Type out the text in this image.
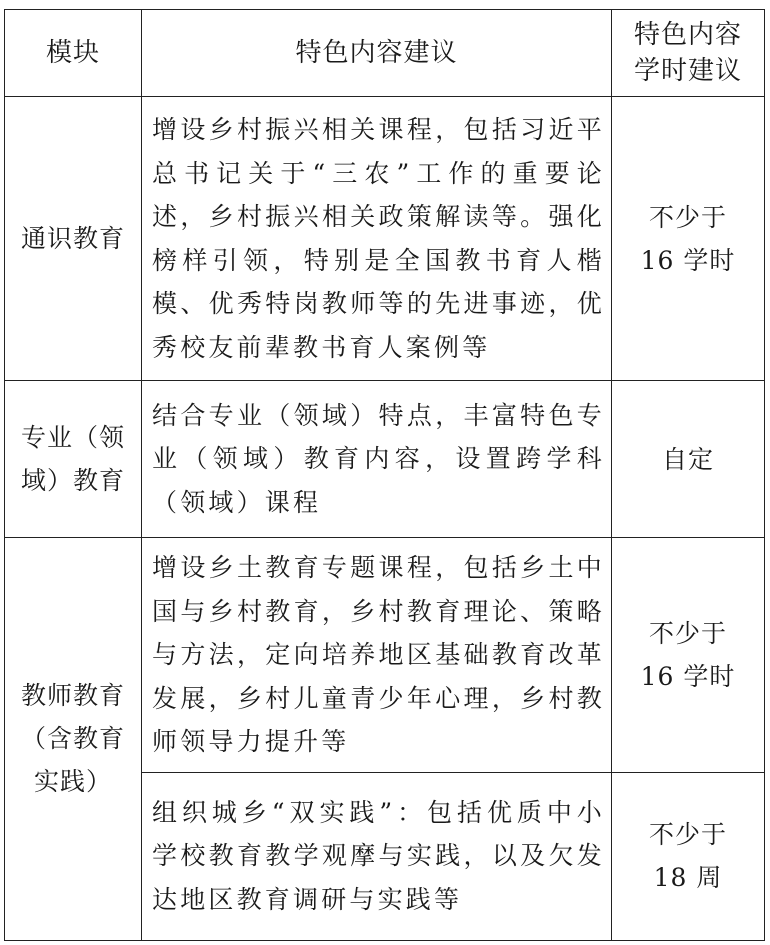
模块	特色内容建议	特色内容
学时建议

通识教育	增设乡村振兴相关课程，包括习近平总书记关于“三农”工作的重要论述，乡村振兴相关政策解读等。强化榜样引领，特别是全国教书育人楷模、优秀特岗教师等的先进事迹，优秀校友前辈教书育人案例等	不少于
16 学时

专业（领
域）教育	结合专业（领域）特点，丰富特色专业（领域）教育内容，设置跨学科（领域）课程	自定

教师教育
（含教育
实践）	增设乡土教育专题课程，包括乡土中国与乡村教育，乡村教育理论、策略与方法，定向培养地区基础教育改革发展，乡村儿童青少年心理，乡村教师领导力提升等	不少于
16 学时

	组织城乡“双实践”：包括优质中小学校教育教学观摩与实践，以及欠发达地区教育调研与实践等	不少于
18 周
